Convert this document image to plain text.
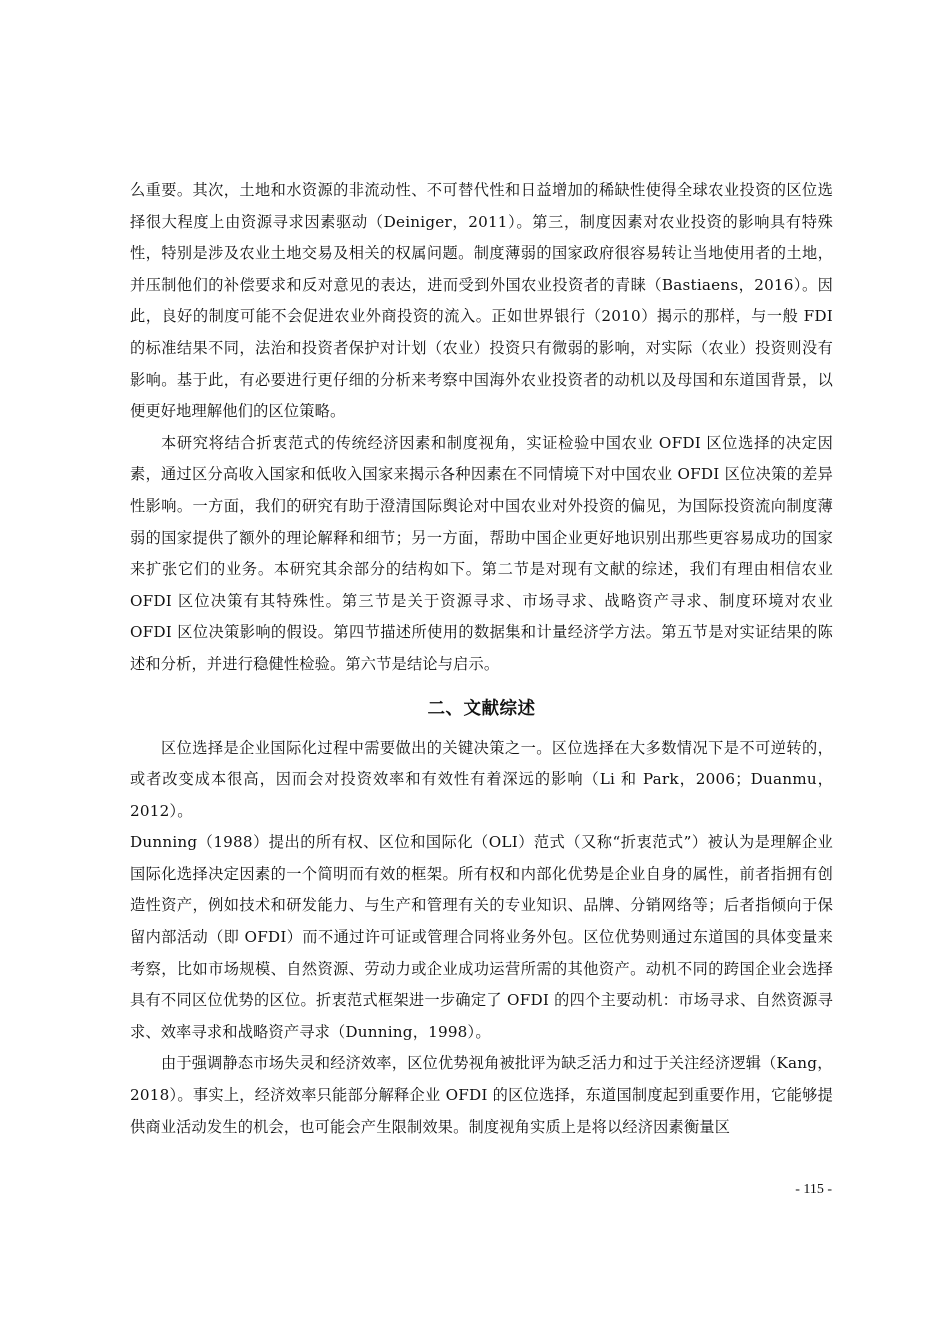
么重要。其次，土地和水资源的非流动性、不可替代性和日益增加的稀缺性使得全球农业投资的区位选择很大程度上由资源寻求因素驱动（Deiniger，2011）。第三，制度因素对农业投资的影响具有特殊性，特别是涉及农业土地交易及相关的权属问题。制度薄弱的国家政府很容易转让当地使用者的土地，并压制他们的补偿要求和反对意见的表达，进而受到外国农业投资者的青睐（Bastiaens，2016）。因此，良好的制度可能不会促进农业外商投资的流入。正如世界银行（2010）揭示的那样，与一般 FDI 的标准结果不同，法治和投资者保护对计划（农业）投资只有微弱的影响，对实际（农业）投资则没有影响。基于此，有必要进行更仔细的分析来考察中国海外农业投资者的动机以及母国和东道国背景，以便更好地理解他们的区位策略。

本研究将结合折衷范式的传统经济因素和制度视角，实证检验中国农业 OFDI 区位选择的决定因素，通过区分高收入国家和低收入国家来揭示各种因素在不同情境下对中国农业 OFDI 区位决策的差异性影响。一方面，我们的研究有助于澄清国际舆论对中国农业对外投资的偏见，为国际投资流向制度薄弱的国家提供了额外的理论解释和细节；另一方面，帮助中国企业更好地识别出那些更容易成功的国家来扩张它们的业务。本研究其余部分的结构如下。第二节是对现有文献的综述，我们有理由相信农业 OFDI 区位决策有其特殊性。第三节是关于资源寻求、市场寻求、战略资产寻求、制度环境对农业 OFDI 区位决策影响的假设。第四节描述所使用的数据集和计量经济学方法。第五节是对实证结果的陈述和分析，并进行稳健性检验。第六节是结论与启示。

二、文献综述

区位选择是企业国际化过程中需要做出的关键决策之一。区位选择在大多数情况下是不可逆转的，或者改变成本很高，因而会对投资效率和有效性有着深远的影响（Li 和 Park，2006；Duanmu，2012）。

Dunning（1988）提出的所有权、区位和国际化（OLI）范式（又称“折衷范式”）被认为是理解企业国际化选择决定因素的一个简明而有效的框架。所有权和内部化优势是企业自身的属性，前者指拥有创造性资产，例如技术和研发能力、与生产和管理有关的专业知识、品牌、分销网络等；后者指倾向于保留内部活动（即 OFDI）而不通过许可证或管理合同将业务外包。区位优势则通过东道国的具体变量来考察，比如市场规模、自然资源、劳动力或企业成功运营所需的其他资产。动机不同的跨国企业会选择具有不同区位优势的区位。折衷范式框架进一步确定了 OFDI 的四个主要动机：市场寻求、自然资源寻求、效率寻求和战略资产寻求（Dunning，1998）。

由于强调静态市场失灵和经济效率，区位优势视角被批评为缺乏活力和过于关注经济逻辑（Kang，

2018）。事实上，经济效率只能部分解释企业 OFDI 的区位选择，东道国制度起到重要作用，它能够提供商业活动发生的机会，也可能会产生限制效果。制度视角实质上是将以经济因素衡量区

- 115 -
